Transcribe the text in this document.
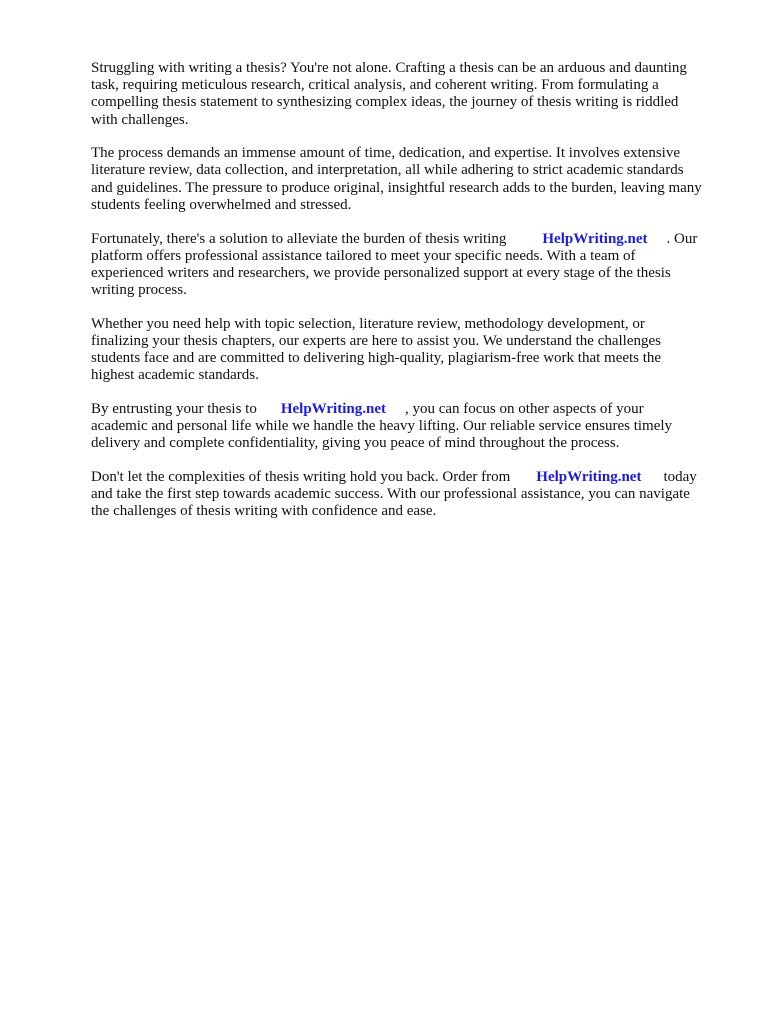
Struggling with writing a thesis? You're not alone. Crafting a thesis can be an arduous and daunting
task, requiring meticulous research, critical analysis, and coherent writing. From formulating a
compelling thesis statement to synthesizing complex ideas, the journey of thesis writing is riddled
with challenges.

The process demands an immense amount of time, dedication, and expertise. It involves extensive
literature review, data collection, and interpretation, all while adhering to strict academic standards
and guidelines. The pressure to produce original, insightful research adds to the burden, leaving many
students feeling overwhelmed and stressed.

Fortunately, there's a solution to alleviate the burden of thesis writing HelpWriting.net . Our
platform offers professional assistance tailored to meet your specific needs. With a team of
experienced writers and researchers, we provide personalized support at every stage of the thesis
writing process.

Whether you need help with topic selection, literature review, methodology development, or
finalizing your thesis chapters, our experts are here to assist you. We understand the challenges
students face and are committed to delivering high-quality, plagiarism-free work that meets the
highest academic standards.

By entrusting your thesis to HelpWriting.net , you can focus on other aspects of your
academic and personal life while we handle the heavy lifting. Our reliable service ensures timely
delivery and complete confidentiality, giving you peace of mind throughout the process.

Don't let the complexities of thesis writing hold you back. Order from HelpWriting.net today
and take the first step towards academic success. With our professional assistance, you can navigate
the challenges of thesis writing with confidence and ease.
